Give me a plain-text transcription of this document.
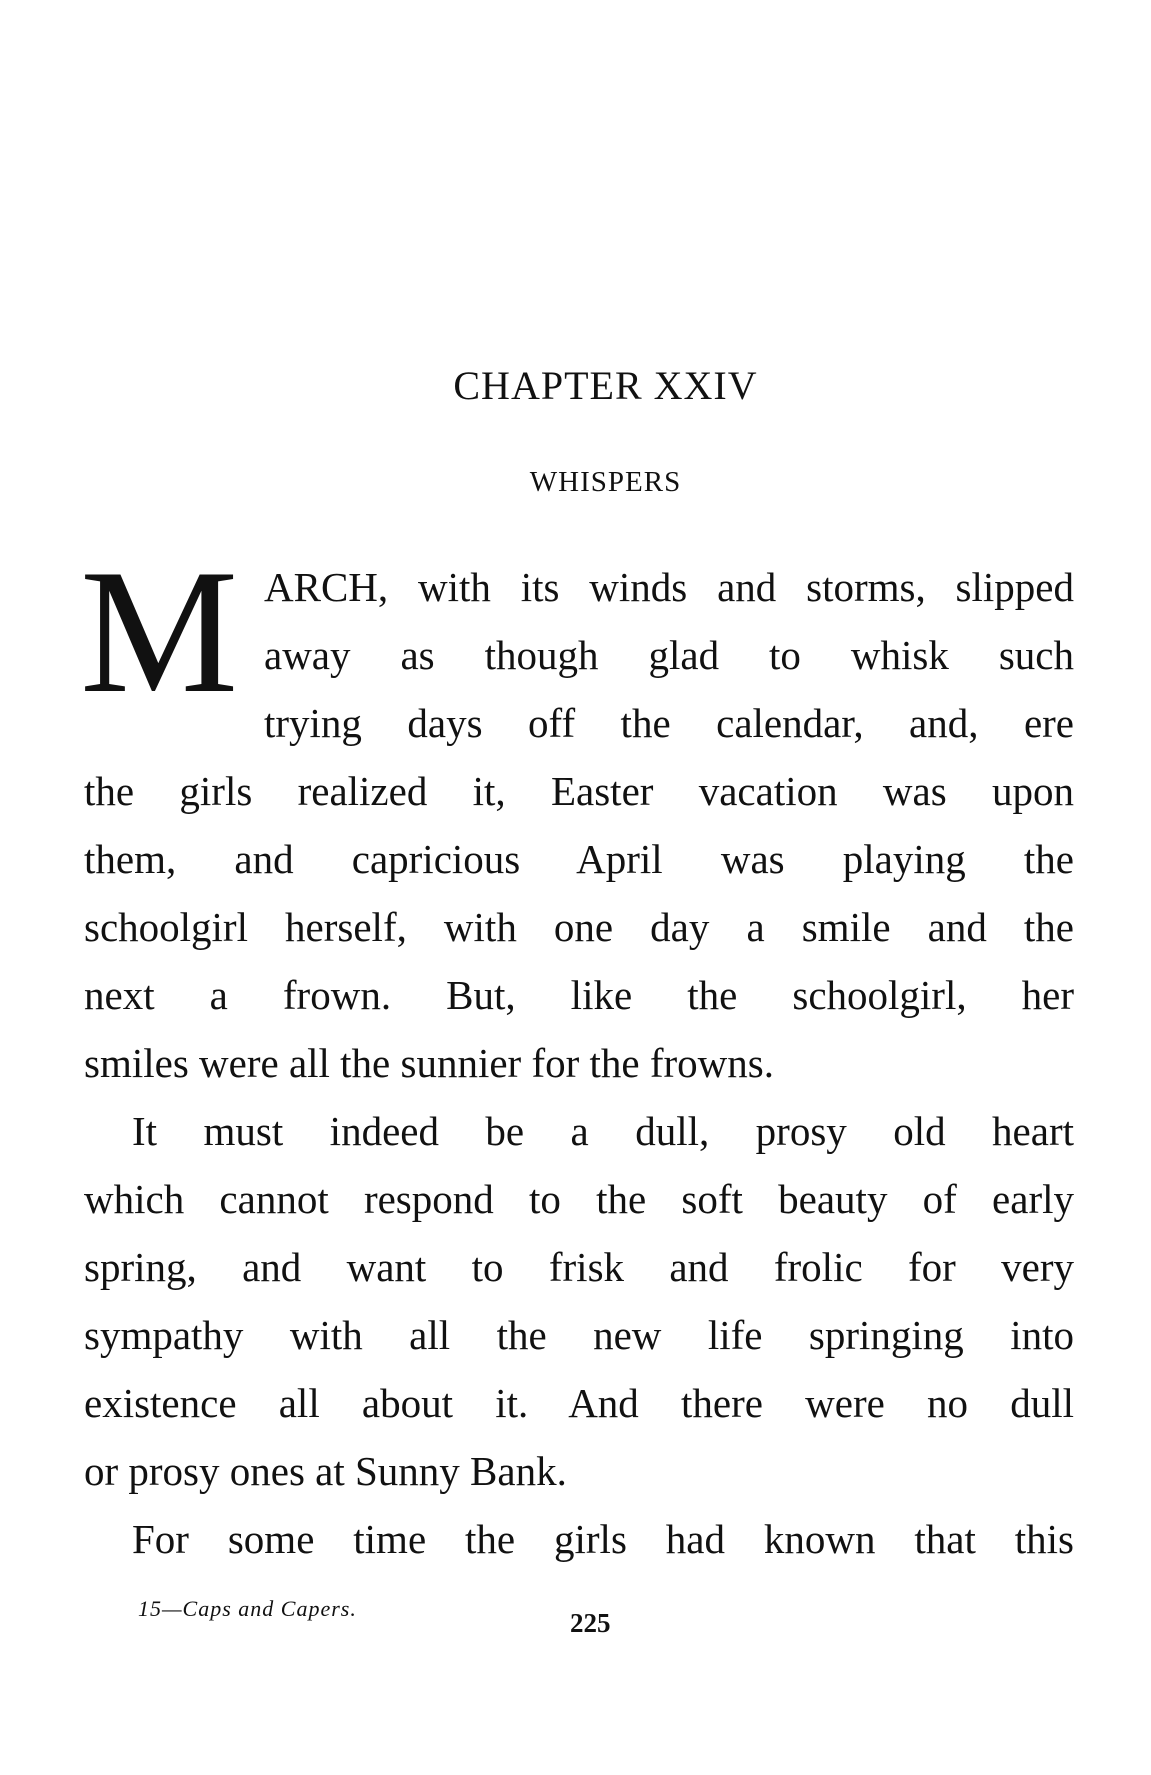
CHAPTER XXIV
WHISPERS
M ARCH, with its winds and storms, slipped
away as though glad to whisk such
trying days off the calendar, and, ere
the girls realized it, Easter vacation was upon
them, and capricious April was playing the
schoolgirl herself, with one day a smile and the
next a frown. But, like the schoolgirl, her
smiles were all the sunnier for the frowns.
It must indeed be a dull, prosy old heart
which cannot respond to the soft beauty of early
spring, and want to frisk and frolic for very
sympathy with all the new life springing into
existence all about it. And there were no dull
or prosy ones at Sunny Bank.
For some time the girls had known that this
15—Caps and Capers.	225
